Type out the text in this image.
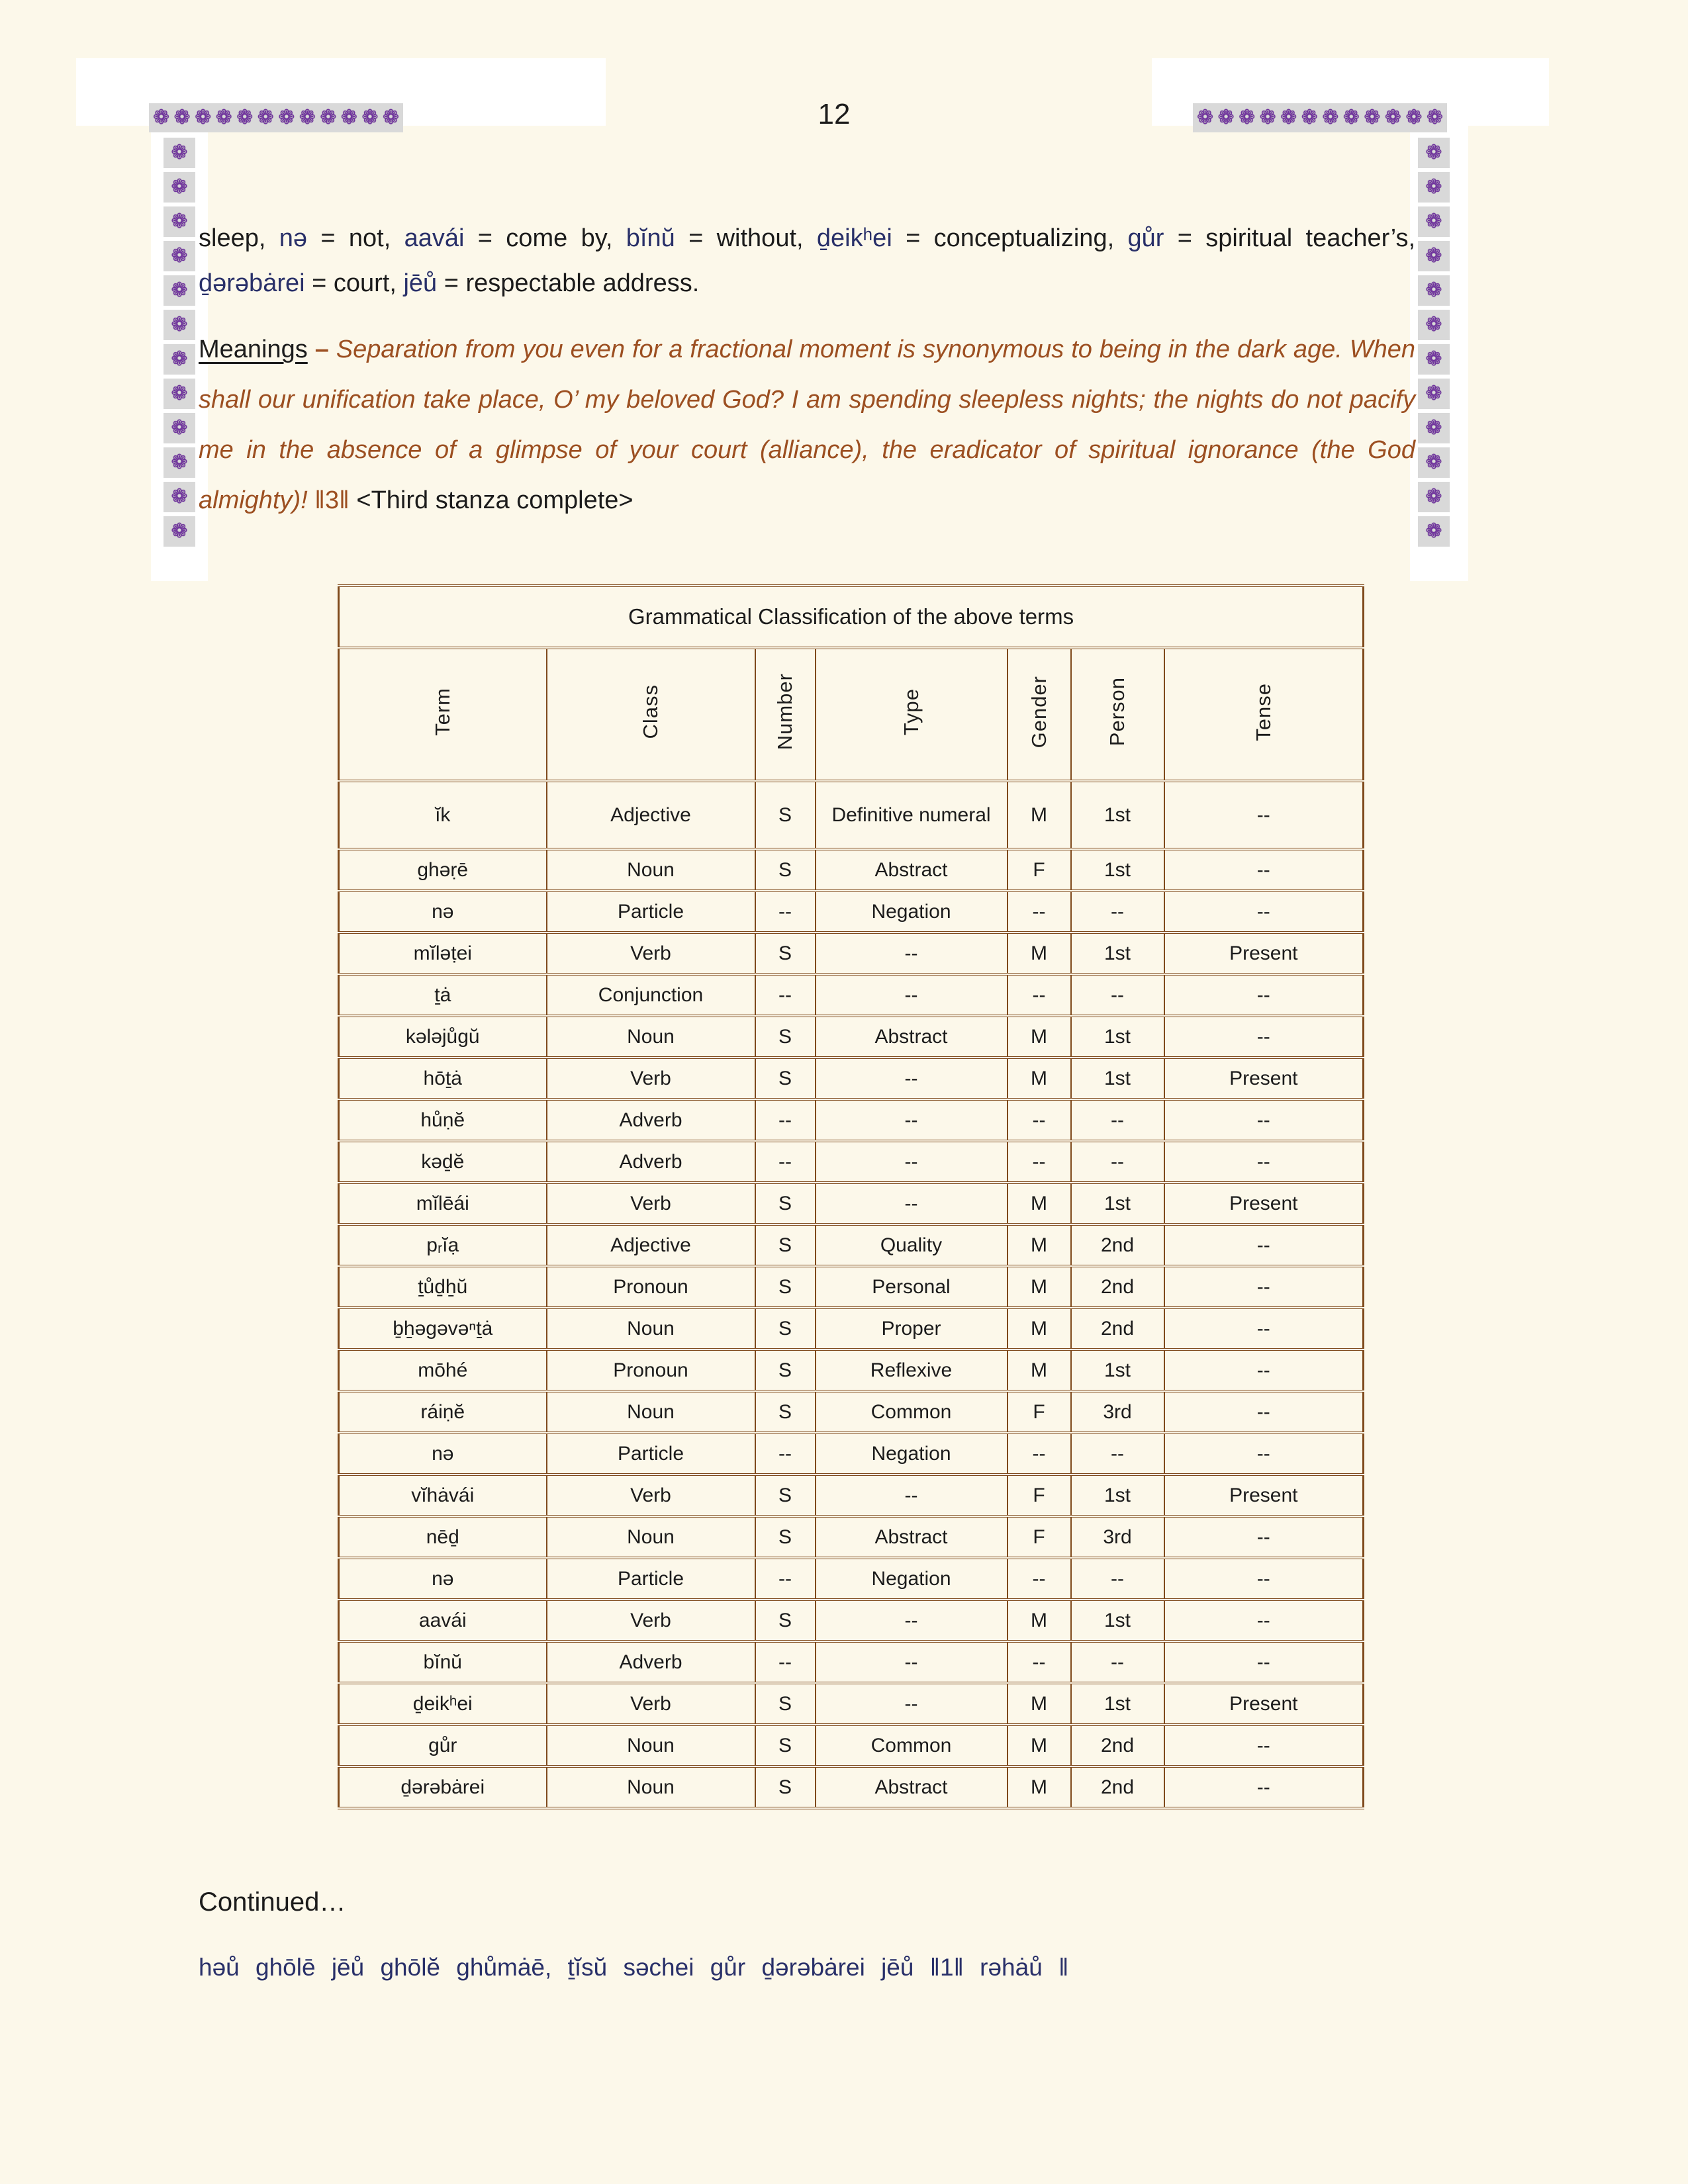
❁ ❁ ❁ ❁ ❁ ❁ ❁ ❁ ❁ ❁ ❁ ❁	❁ ❁ ❁ ❁ ❁ ❁ ❁ ❁ ❁ ❁ ❁ ❁
❁
❁
❁
❁
❁
❁
❁
❁
❁
❁
❁
❁
❁
❁
❁
❁
❁
❁
❁
❁
❁
❁
❁
❁
12

sleep, nə = not, aavái = come by, bĭnŭ = without, ḏeikʰei = conceptualizing, gůr = spiritual teacher’s, ḏərəbȧrei = court, jēů = respectable address.

Meanings – Separation from you even for a fractional moment is synonymous to being in the dark age. When shall our unification take place, O’ my beloved God? I am spending sleepless nights; the nights do not pacify me in the absence of a glimpse of your court (alliance), the eradicator of spiritual ignorance (the God almighty)! ‖3‖ <Third stanza complete>

Grammatical Classification of the above terms						
Term	Class	Number	Type	Gender	Person	Tense
ĭk	Adjective	S	Definitive numeral	M	1st	--
ghəṛē	Noun	S	Abstract	F	1st	--
nə	Particle	--	Negation	--	--	--
mĭləṭei	Verb	S	--	M	1st	Present
ṯȧ	Conjunction	--	--	--	--	--
kələjůgŭ	Noun	S	Abstract	M	1st	--
hōṯȧ	Verb	S	--	M	1st	Present
hůṇĕ	Adverb	--	--	--	--	--
kəḏĕ	Adverb	--	--	--	--	--
mĭlēái	Verb	S	--	M	1st	Present
pᵣĭạ	Adjective	S	Quality	M	2nd	--
ṯůḏẖŭ	Pronoun	S	Personal	M	2nd	--
ḇẖəgəvəⁿṯȧ	Noun	S	Proper	M	2nd	--
mōhé	Pronoun	S	Reflexive	M	1st	--
ráiṇĕ	Noun	S	Common	F	3rd	--
nə	Particle	--	Negation	--	--	--
vĭhȧvái	Verb	S	--	F	1st	Present
nēḏ	Noun	S	Abstract	F	3rd	--
nə	Particle	--	Negation	--	--	--
aavái	Verb	S	--	M	1st	--
bĭnŭ	Adverb	--	--	--	--	--
ḏeikʰei	Verb	S	--	M	1st	Present
gůr	Noun	S	Common	M	2nd	--
ḏərəbȧrei	Noun	S	Abstract	M	2nd	--
Continued…
həů ghōlē jēů ghōlĕ ghůmȧē, ṯĭsŭ səchei gůr ḏərəbȧrei jēů ‖1‖ rəhȧů ‖
